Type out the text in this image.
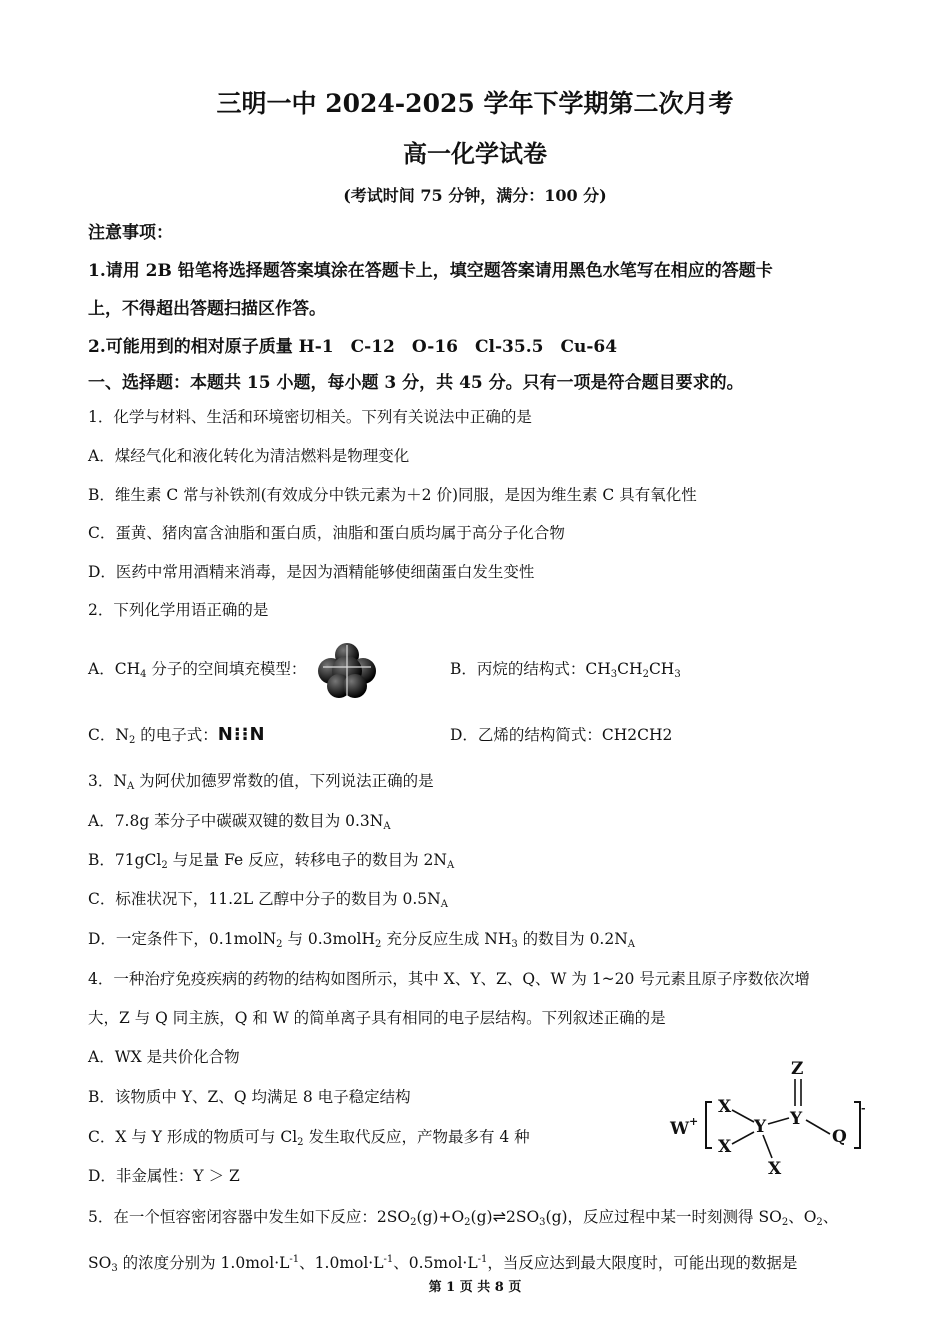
三明一中 2024-2025 学年下学期第二次月考
高一化学试卷
(考试时间 75 分钟，满分：100 分)
注意事项：
1.请用 2B 铅笔将选择题答案填涂在答题卡上，填空题答案请用黑色水笔写在相应的答题卡
上，不得超出答题扫描区作答。
2.可能用到的相对原子质量 H-1　C-12　O-16　Cl-35.5　Cu-64
一、选择题：本题共 15 小题，每小题 3 分，共 45 分。只有一项是符合题目要求的。
1．化学与材料、生活和环境密切相关。下列有关说法中正确的是
A．煤经气化和液化转化为清洁燃料是物理变化
B．维生素 C 常与补铁剂(有效成分中铁元素为＋2 价)同服，是因为维生素 C 具有氧化性
C．蛋黄、猪肉富含油脂和蛋白质，油脂和蛋白质均属于高分子化合物
D．医药中常用酒精来消毒，是因为酒精能够使细菌蛋白发生变性
2．下列化学用语正确的是
A．$CH_4$ 分子的空间填充模型：	B．丙烷的结构式：$CH_3CH_2CH_3$
C．$N_2$ 的电子式：N⁝⁝N	D．乙烯的结构简式：CH2CH2
3．$N_A$ 为阿伏加德罗常数的值，下列说法正确的是
A．7.8g 苯分子中碳碳双键的数目为 $0.3N_A$
B．71gCl$_2$ 与足量 Fe 反应，转移电子的数目为 $2N_A$
C．标准状况下，11.2L 乙醇中分子的数目为 $0.5N_A$
D．一定条件下，0.1molN$_2$ 与 0.3molH$_2$ 充分反应生成 $NH_3$ 的数目为 $0.2N_A$
4．一种治疗免疫疾病的药物的结构如图所示，其中 X、Y、Z、Q、W 为 1~20 号元素且原子序数依次增
大，Z 与 Q 同主族，Q 和 W 的简单离子具有相同的电子层结构。下列叙述正确的是
A．WX 是共价化合物
B．该物质中 Y、Z、Q 均满足 8 电子稳定结构
C．X 与 Y 形成的物质可与 $Cl_2$ 发生取代反应，产物最多有 4 种
D．非金属性：Y ＞ Z
W +
-
Z
X
Y Y
Q
X
X
5．在一个恒容密闭容器中发生如下反应：$2SO_2(g)+O_2(g)\rightleftharpoons 2SO_3(g)$，反应过程中某一时刻测得 $SO_2$、$O_2$、
$SO_3$ 的浓度分别为 $1.0mol\cdot L^{-1}$、$1.0mol\cdot L^{-1}$、$0.5mol\cdot L^{-1}$，当反应达到最大限度时，可能出现的数据是
第 1 页 共 8 页
